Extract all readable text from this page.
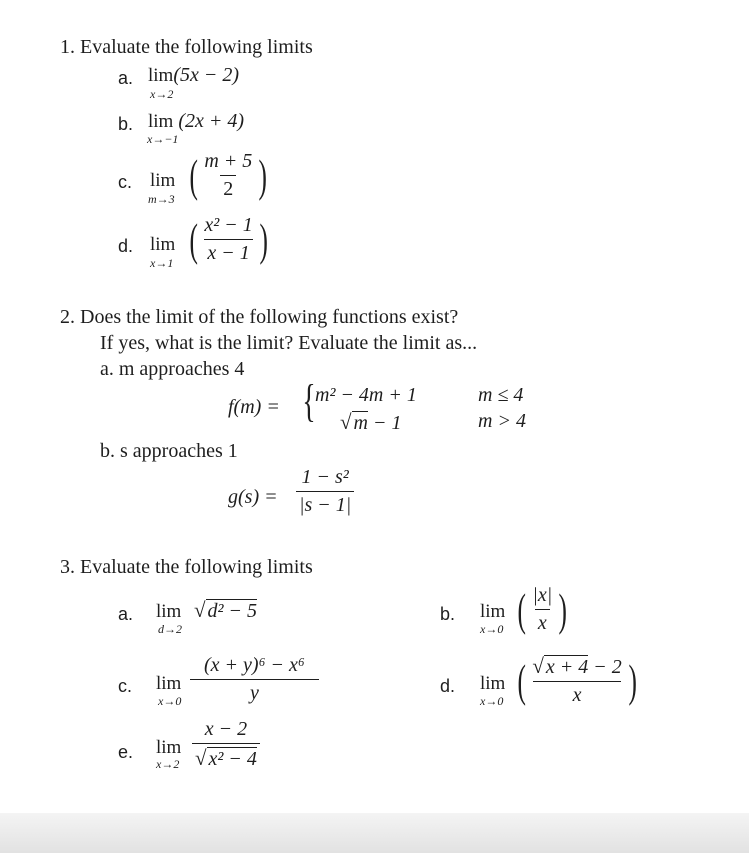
1. Evaluate the following limits
a. lim(5x − 2)
x→2
b. lim (2x + 4)
x→−1
c. lim
m→3 ( $\frac{m + 5}{2}$ )
d. lim
x→1 ( $\frac{\text{x² − 1}}{x - 1}$ )
2. Does the limit of the following functions exist?
If yes, what is the limit? Evaluate the limit as...
a. m approaches 4
f(m) = { m² − 4m + 1	m ≤ 4
√ m − 1	m > 4
b. s approaches 1
$g(s) = \frac{\text{1 − s²}}{|s - 1|}$
3. Evaluate the following limits
a. lim
d→2
√ d² − 5	b. lim
x→0 ( $\frac{|x|}{x}$ )
c. lim
$x\to 0 \frac{\text{(x + y)⁶ − x⁶}}{y}$	d. lim
x→0 ( $\frac{√ x + 4 - 2}{x}$ )
e. lim
$x\to 2 \frac{x - 2}{\text{√ x² − 4}}$
